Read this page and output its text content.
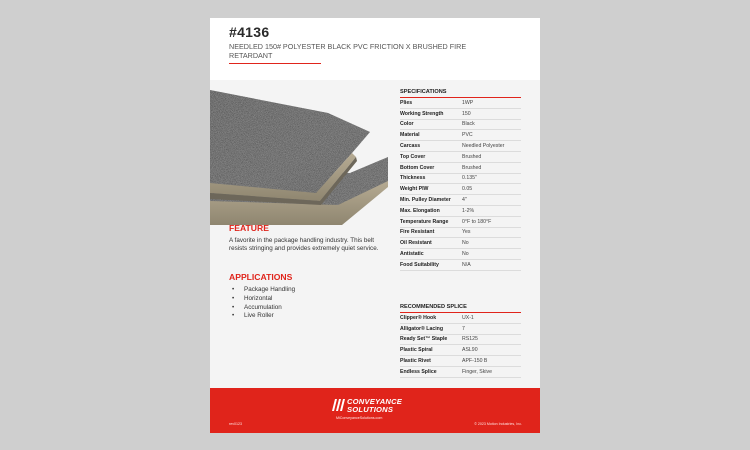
#4136
NEEDLED 150# POLYESTER BLACK PVC FRICTION X BRUSHED FIRE RETARDANT
FEATURE
A favorite in the package handling industry. This belt resists stringing and provides extremely quiet service.
APPLICATIONS
•	Package Handling
•	Horizontal
•	Accumulation
•	Live Roller
SPECIFICATIONS
Plies	1WP
Working Strength	150
Color	Black
Material	PVC
Carcass	Needled Polyester
Top Cover	Brushed
Bottom Cover	Brushed
Thickness	0.135"
Weight PIW	0.05
Min. Pulley Diameter	4"
Max. Elongation	1-2%
Temperature Range	0°F to 180°F
Fire Resistant	Yes
Oil Resistant	No
Antistatic	No
Food Suitability	N/A
RECOMMENDED SPLICE
Clipper® Hook	UX-1
Alligator® Lacing	7
Ready Set™ Staple	RS125
Plastic Spiral	ASL90
Plastic Rivet	APF-150 B
Endless Splice	Finger, Skive
CONVEYANCE
SOLUTIONS
MiConveyanceSolutions.com
rev0123	© 2023 Motion Industries, Inc.
